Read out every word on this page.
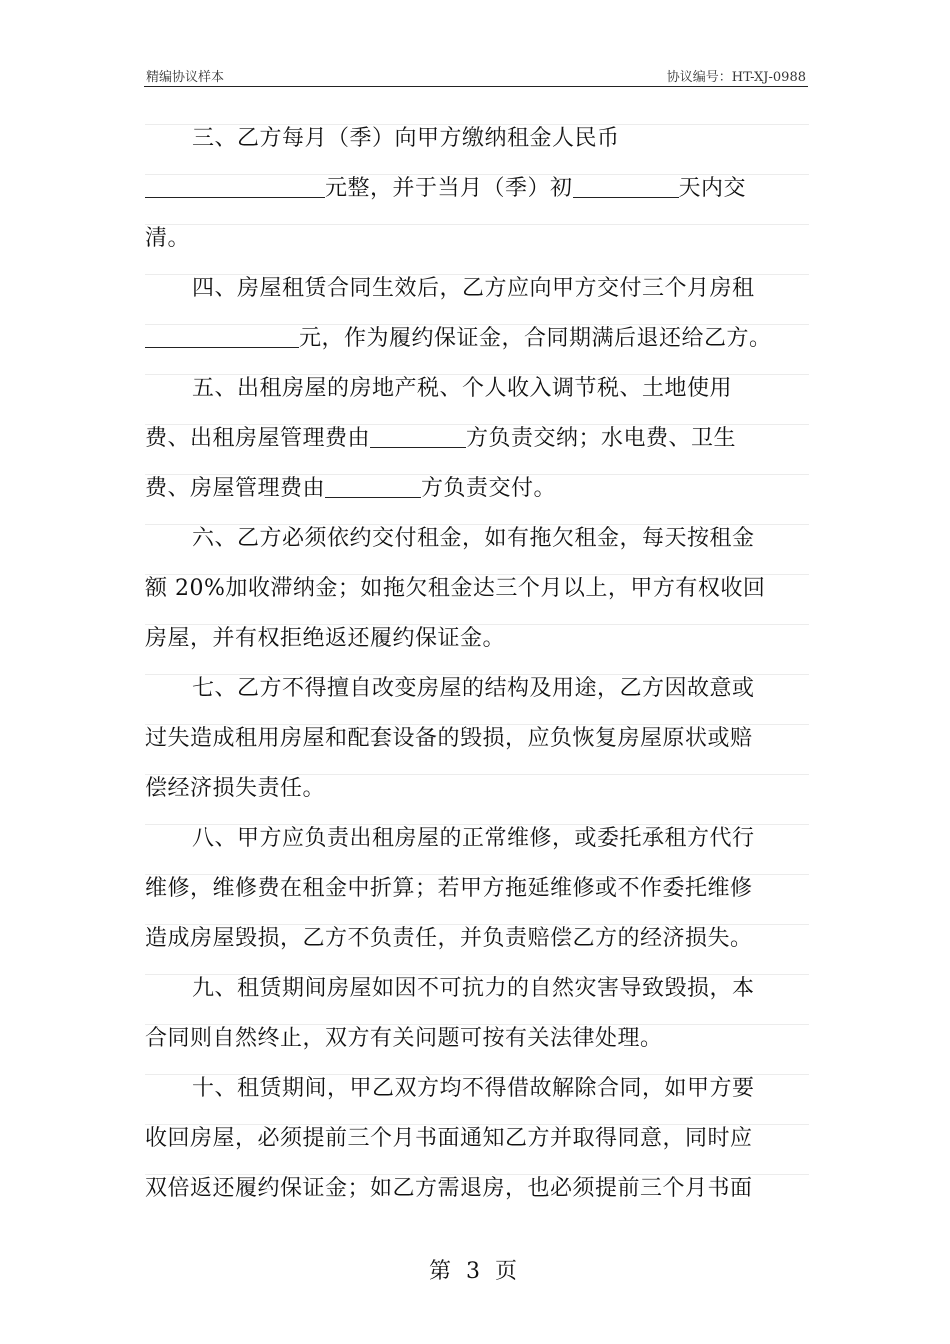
精编协议样本	协议编号：HT-XJ-0988
三、乙方每月（季）向甲方缴纳租金人民币
元整，并于当月（季）初	天内交
清。
四、房屋租赁合同生效后，乙方应向甲方交付三个月房租
元，作为履约保证金，合同期满后退还给乙方。
五、出租房屋的房地产税、个人收入调节税、土地使用
费、出租房屋管理费由	方负责交纳；水电费、卫生
费、房屋管理费由	方负责交付。
六、乙方必须依约交付租金，如有拖欠租金，每天按租金
额 20%加收滞纳金；如拖欠租金达三个月以上，甲方有权收回
房屋，并有权拒绝返还履约保证金。
七、乙方不得擅自改变房屋的结构及用途，乙方因故意或
过失造成租用房屋和配套设备的毁损，应负恢复房屋原状或赔
偿经济损失责任。
八、甲方应负责出租房屋的正常维修，或委托承租方代行
维修，维修费在租金中折算；若甲方拖延维修或不作委托维修
造成房屋毁损，乙方不负责任，并负责赔偿乙方的经济损失。
九、租赁期间房屋如因不可抗力的自然灾害导致毁损，本
合同则自然终止，双方有关问题可按有关法律处理。
十、租赁期间，甲乙双方均不得借故解除合同，如甲方要
收回房屋，必须提前三个月书面通知乙方并取得同意，同时应
双倍返还履约保证金；如乙方需退房，也必须提前三个月书面
第 3 页
